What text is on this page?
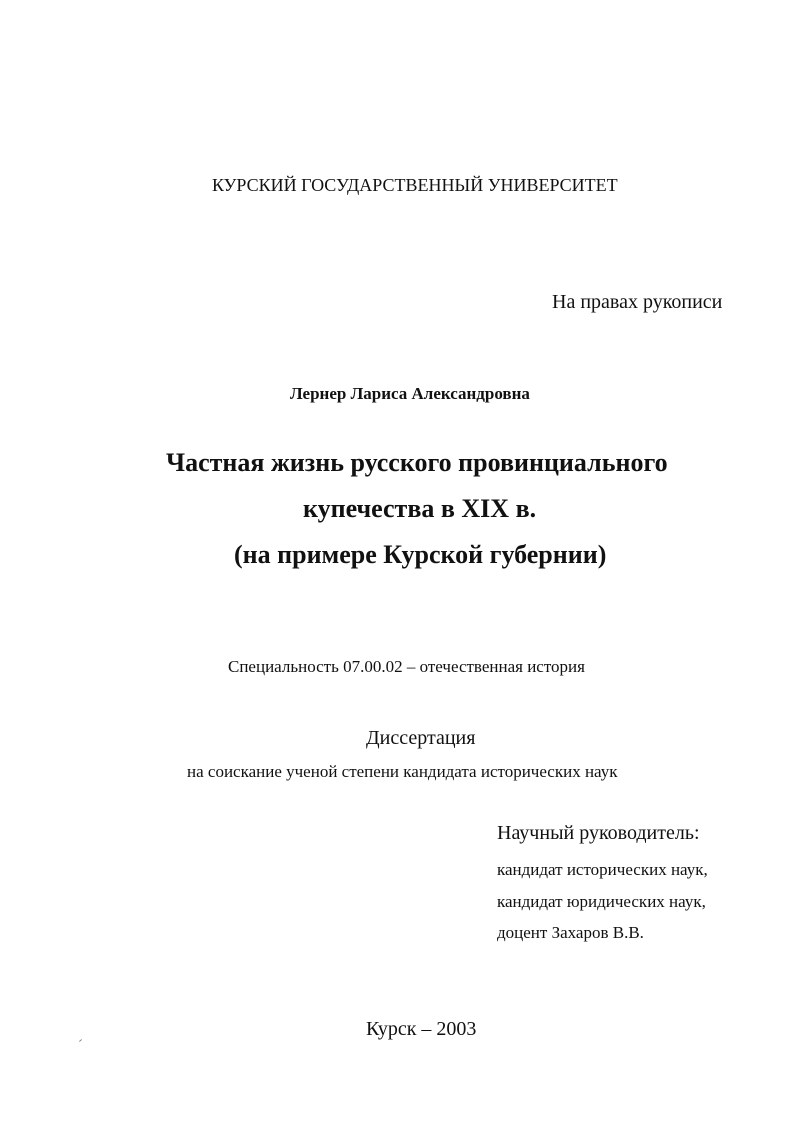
КУРСКИЙ ГОСУДАРСТВЕННЫЙ УНИВЕРСИТЕТ
На правах рукописи
Лернер Лариса Александровна
Частная жизнь русского провинциального
купечества в XIX в.
(на примере Курской губернии)
Специальность 07.00.02 – отечественная история
Диссертация
на соискание ученой степени кандидата исторических наук
Научный руководитель:
кандидат исторических наук,
кандидат юридических наук,
доцент Захаров В.В.
Курск – 2003
